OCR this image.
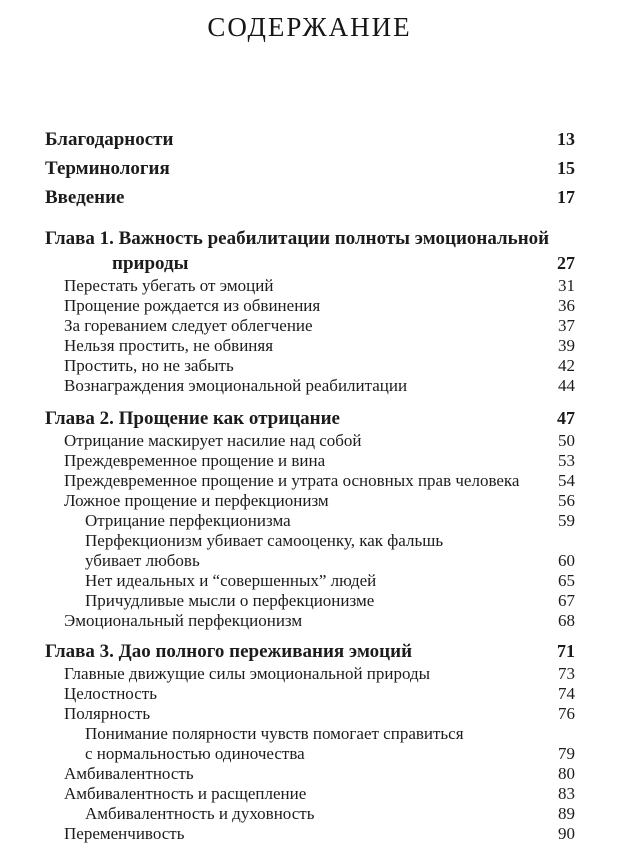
СОДЕРЖАНИЕ
Благодарности	13
Терминология	15
Введение	17
Глава 1. Важность реабилитации полноты эмоциональной
природы	27
Перестать убегать от эмоций	31
Прощение рождается из обвинения	36
За гореванием следует облегчение	37
Нельзя простить, не обвиняя	39
Простить, но не забыть	42
Вознаграждения эмоциональной реабилитации	44
Глава 2. Прощение как отрицание	47
Отрицание маскирует насилие над собой	50
Преждевременное прощение и вина	53
Преждевременное прощение и утрата основных прав человека	54
Ложное прощение и перфекционизм	56
Отрицание перфекционизма	59
Перфекционизм убивает самооценку, как фальшь
убивает любовь	60
Нет идеальных и “совершенных” людей	65
Причудливые мысли о перфекционизме	67
Эмоциональный перфекционизм	68
Глава 3. Дао полного переживания эмоций	71
Главные движущие силы эмоциональной природы	73
Целостность	74
Полярность	76
Понимание полярности чувств помогает справиться
с нормальностью одиночества	79
Амбивалентность	80
Амбивалентность и расщепление	83
Амбивалентность и духовность	89
Переменчивость	90
